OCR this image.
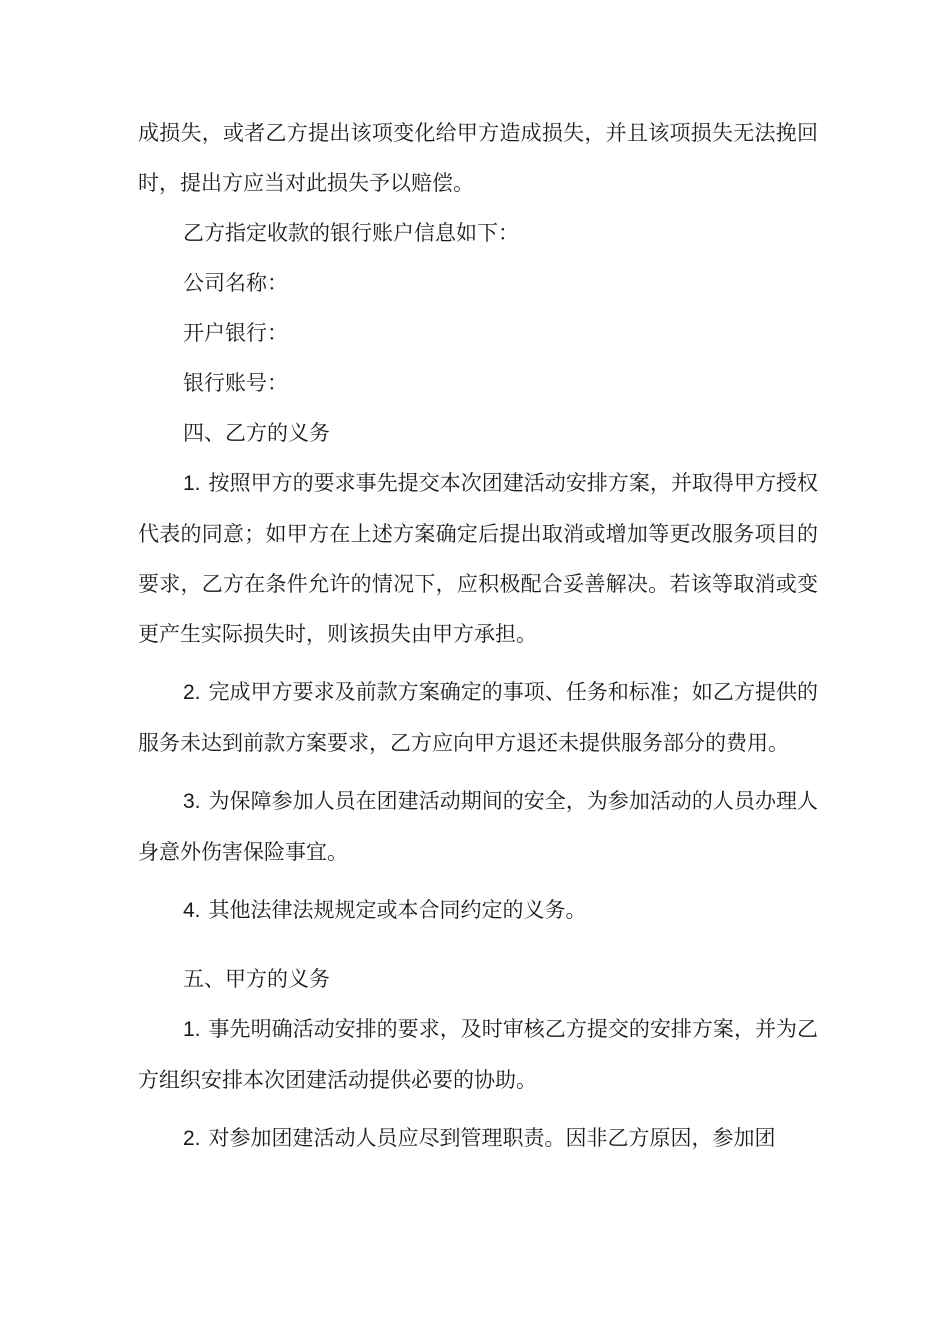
成损失，或者乙方提出该项变化给甲方造成损失，并且该项损失无法挽回时，提出方应当对此损失予以赔偿。

乙方指定收款的银行账户信息如下：

公司名称：

开户银行：

银行账号：

四、乙方的义务

1. 按照甲方的要求事先提交本次团建活动安排方案，并取得甲方授权代表的同意；如甲方在上述方案确定后提出取消或增加等更改服务项目的要求，乙方在条件允许的情况下，应积极配合妥善解决。若该等取消或变更产生实际损失时，则该损失由甲方承担。

2. 完成甲方要求及前款方案确定的事项、任务和标准；如乙方提供的服务未达到前款方案要求，乙方应向甲方退还未提供服务部分的费用。

3. 为保障参加人员在团建活动期间的安全，为参加活动的人员办理人身意外伤害保险事宜。

4. 其他法律法规规定或本合同约定的义务。

五、甲方的义务

1. 事先明确活动安排的要求，及时审核乙方提交的安排方案，并为乙方组织安排本次团建活动提供必要的协助。

2. 对参加团建活动人员应尽到管理职责。因非乙方原因，参加团
